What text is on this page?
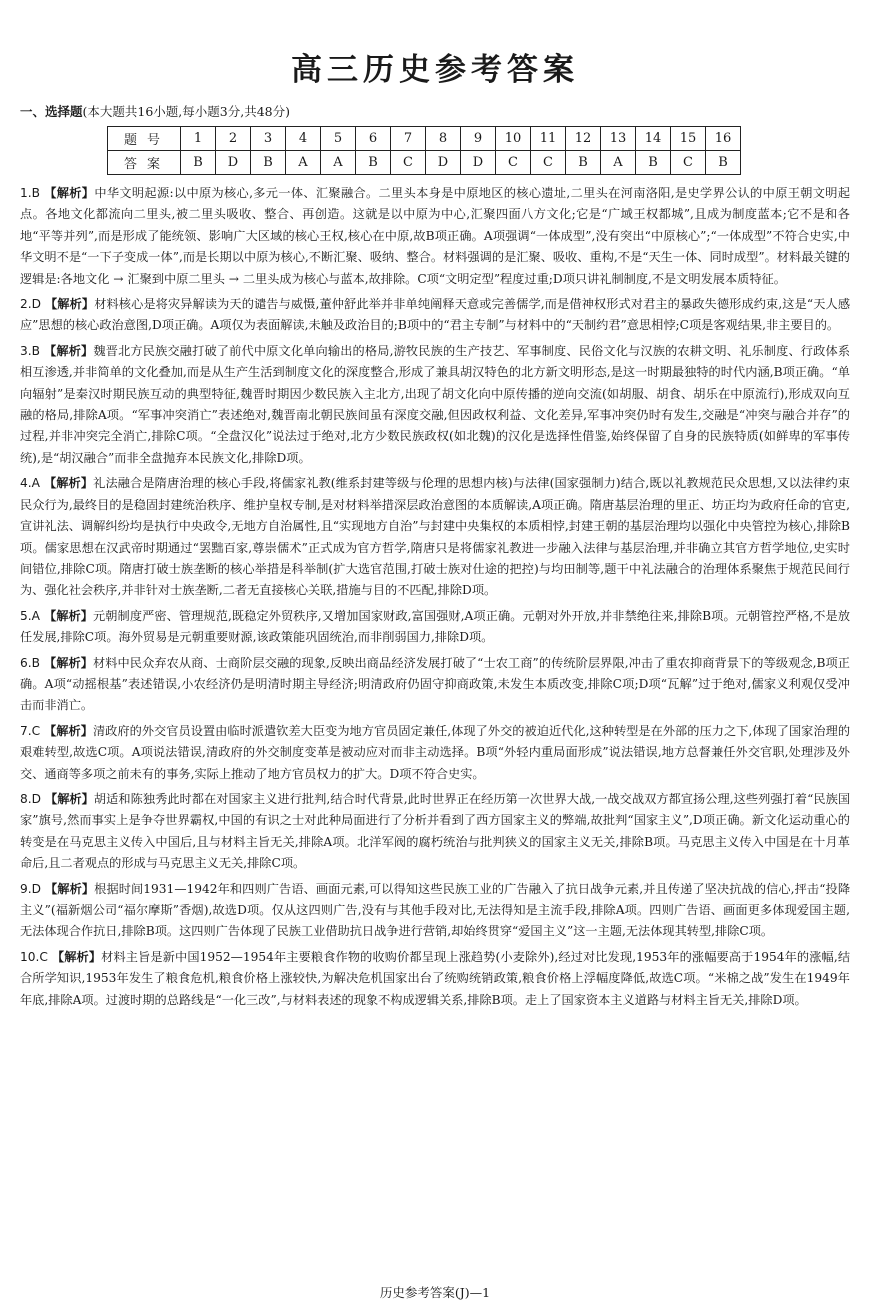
高三历史参考答案
一、选择题(本大题共16小题,每小题3分,共48分)
题号	1	2	3	4	5	6	7	8	9	10	11	12	13	14	15	16
答案	B	D	B	A	A	B	C	D	D	C	C	B	A	B	C	B
1.B 【解析】中华文明起源:以中原为核心,多元一体、汇聚融合。二里头本身是中原地区的核心遗址,二里头在河南洛阳,是史学界公认的中原王朝文明起点。各地文化都流向二里头,被二里头吸收、整合、再创造。这就是以中原为中心,汇聚四面八方文化;它是“广域王权都城”,且成为制度蓝本;它不是和各地“平等并列”,而是形成了能统领、影响广大区域的核心王权,核心在中原,故B项正确。A项强调“一体成型”,没有突出“中原核心”;“一体成型”不符合史实,中华文明不是“一下子变成一体”,而是长期以中原为核心,不断汇聚、吸纳、整合。材料强调的是汇聚、吸收、重构,不是“天生一体、同时成型”。材料最关键的逻辑是:各地文化 → 汇聚到中原二里头 → 二里头成为核心与蓝本,故排除。C项“文明定型”程度过重;D项只讲礼制制度,不是文明发展本质特征。
2.D 【解析】材料核心是将灾异解读为天的谴告与威慑,董仲舒此举并非单纯阐释天意或完善儒学,而是借神权形式对君主的暴政失德形成约束,这是“天人感应”思想的核心政治意图,D项正确。A项仅为表面解读,未触及政治目的;B项中的“君主专制”与材料中的“天制约君”意思相悖;C项是客观结果,非主要目的。
3.B 【解析】魏晋北方民族交融打破了前代中原文化单向输出的格局,游牧民族的生产技艺、军事制度、民俗文化与汉族的农耕文明、礼乐制度、行政体系相互渗透,并非简单的文化叠加,而是从生产生活到制度文化的深度整合,形成了兼具胡汉特色的北方新文明形态,是这一时期最独特的时代内涵,B项正确。“单向辐射”是秦汉时期民族互动的典型特征,魏晋时期因少数民族入主北方,出现了胡文化向中原传播的逆向交流(如胡服、胡食、胡乐在中原流行),形成双向互融的格局,排除A项。“军事冲突消亡”表述绝对,魏晋南北朝民族间虽有深度交融,但因政权利益、文化差异,军事冲突仍时有发生,交融是“冲突与融合并存”的过程,并非冲突完全消亡,排除C项。“全盘汉化”说法过于绝对,北方少数民族政权(如北魏)的汉化是选择性借鉴,始终保留了自身的民族特质(如鲜卑的军事传统),是“胡汉融合”而非全盘抛弃本民族文化,排除D项。
4.A 【解析】礼法融合是隋唐治理的核心手段,将儒家礼教(维系封建等级与伦理的思想内核)与法律(国家强制力)结合,既以礼教规范民众思想,又以法律约束民众行为,最终目的是稳固封建统治秩序、维护皇权专制,是对材料举措深层政治意图的本质解读,A项正确。隋唐基层治理的里正、坊正均为政府任命的官吏,宣讲礼法、调解纠纷均是执行中央政令,无地方自治属性,且“实现地方自治”与封建中央集权的本质相悖,封建王朝的基层治理均以强化中央管控为核心,排除B项。儒家思想在汉武帝时期通过“罢黜百家,尊崇儒术”正式成为官方哲学,隋唐只是将儒家礼教进一步融入法律与基层治理,并非确立其官方哲学地位,史实时间错位,排除C项。隋唐打破士族垄断的核心举措是科举制(扩大选官范围,打破士族对仕途的把控)与均田制等,题干中礼法融合的治理体系聚焦于规范民间行为、强化社会秩序,并非针对士族垄断,二者无直接核心关联,措施与目的不匹配,排除D项。
5.A 【解析】元朝制度严密、管理规范,既稳定外贸秩序,又增加国家财政,富国强财,A项正确。元朝对外开放,并非禁绝往来,排除B项。元朝管控严格,不是放任发展,排除C项。海外贸易是元朝重要财源,该政策能巩固统治,而非削弱国力,排除D项。
6.B 【解析】材料中民众弃农从商、士商阶层交融的现象,反映出商品经济发展打破了“士农工商”的传统阶层界限,冲击了重农抑商背景下的等级观念,B项正确。A项“动摇根基”表述错误,小农经济仍是明清时期主导经济;明清政府仍固守抑商政策,未发生本质改变,排除C项;D项“瓦解”过于绝对,儒家义利观仅受冲击而非消亡。
7.C 【解析】清政府的外交官员设置由临时派遣钦差大臣变为地方官员固定兼任,体现了外交的被迫近代化,这种转型是在外部的压力之下,体现了国家治理的艰难转型,故选C项。A项说法错误,清政府的外交制度变革是被动应对而非主动选择。B项“外轻内重局面形成”说法错误,地方总督兼任外交官职,处理涉及外交、通商等多项之前未有的事务,实际上推动了地方官员权力的扩大。D项不符合史实。
8.D 【解析】胡适和陈独秀此时都在对国家主义进行批判,结合时代背景,此时世界正在经历第一次世界大战,一战交战双方都宣扬公理,这些列强打着“民族国家”旗号,然而事实上是争夺世界霸权,中国的有识之士对此种局面进行了分析并看到了西方国家主义的弊端,故批判“国家主义”,D项正确。新文化运动重心的转变是在马克思主义传入中国后,且与材料主旨无关,排除A项。北洋军阀的腐朽统治与批判狭义的国家主义无关,排除B项。马克思主义传入中国是在十月革命后,且二者观点的形成与马克思主义无关,排除C项。
9.D 【解析】根据时间1931—1942年和四则广告语、画面元素,可以得知这些民族工业的广告融入了抗日战争元素,并且传递了坚决抗战的信心,抨击“投降主义”(福新烟公司“福尔摩斯”香烟),故选D项。仅从这四则广告,没有与其他手段对比,无法得知是主流手段,排除A项。四则广告语、画面更多体现爱国主题,无法体现合作抗日,排除B项。这四则广告体现了民族工业借助抗日战争进行营销,却始终贯穿“爱国主义”这一主题,无法体现其转型,排除C项。
10.C 【解析】材料主旨是新中国1952—1954年主要粮食作物的收购价都呈现上涨趋势(小麦除外),经过对比发现,1953年的涨幅要高于1954年的涨幅,结合所学知识,1953年发生了粮食危机,粮食价格上涨较快,为解决危机国家出台了统购统销政策,粮食价格上浮幅度降低,故选C项。“米棉之战”发生在1949年年底,排除A项。过渡时期的总路线是“一化三改”,与材料表述的现象不构成逻辑关系,排除B项。走上了国家资本主义道路与材料主旨无关,排除D项。
历史参考答案(J)—1
